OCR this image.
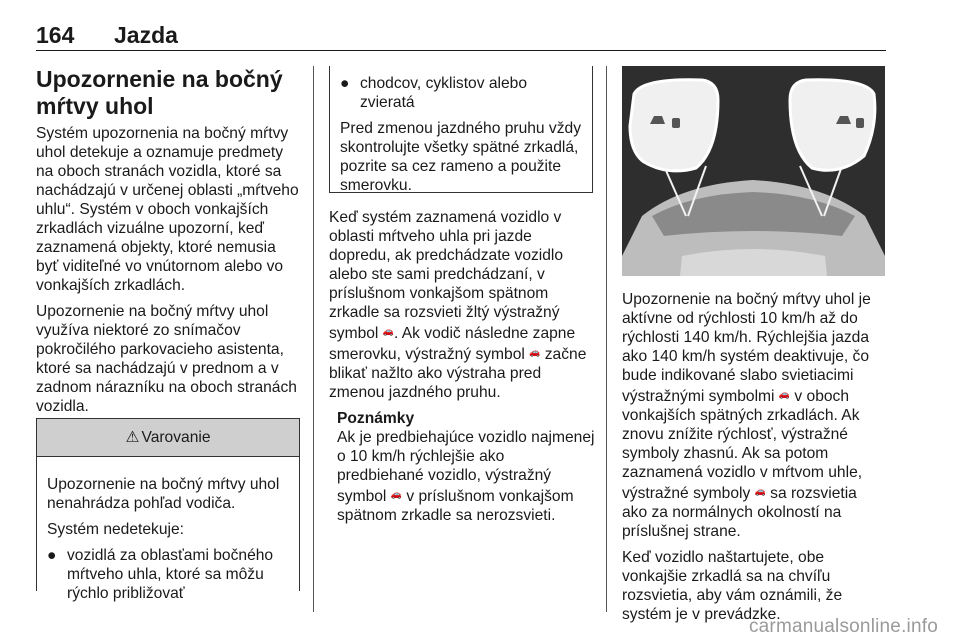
164 Jazda
Upozornenie na bočný
mŕtvy uhol

Systém upozornenia na bočný mŕtvy uhol detekuje a oznamuje predmety na oboch stranách vozidla, ktoré sa nachádzajú v určenej oblasti „mŕtveho uhlu“. Systém v oboch vonkajších zrkadlách vizuálne upozorní, keď zaznamená objekty, ktoré nemusia byť viditeľné vo vnútornom alebo vo vonkajších zrkadlách.

Upozornenie na bočný mŕtvy uhol využíva niektoré zo snímačov pokročilého parkovacieho asistenta, ktoré sa nachádzajú v prednom a v zadnom nárazníku na oboch stranách vozidla.

⚠ Varovanie

Upozornenie na bočný mŕtvy uhol nenahrádza pohľad vodiča.

Systém nedetekuje:

● vozidlá za oblasťami bočného mŕtveho uhla, ktoré sa môžu rýchlo približovať
● chodcov, cyklistov alebo zvieratá

Pred zmenou jazdného pruhu vždy skontrolujte všetky spätné zrkadlá, pozrite sa cez rameno a použite smerovku.

Keď systém zaznamená vozidlo v oblasti mŕtveho uhla pri jazde dopredu, ak predchádzate vozidlo alebo ste sami predchádzaní, v príslušnom vonkajšom spätnom zrkadle sa rozsvieti žltý výstražný symbol 🚗. Ak vodič následne zapne smerovku, výstražný symbol 🚗 začne blikať nažlto ako výstraha pred zmenou jazdného pruhu.

Poznámky
Ak je predbiehajúce vozidlo najmenej o 10 km/h rýchlejšie ako predbiehané vozidlo, výstražný symbol 🚗 v príslušnom vonkajšom spätnom zrkadle sa nerozsvieti.

Upozornenie na bočný mŕtvy uhol je aktívne od rýchlosti 10 km/h až do rýchlosti 140 km/h. Rýchlejšia jazda ako 140 km/h systém deaktivuje, čo bude indikované slabo svietiacimi výstražnými symbolmi 🚗 v oboch vonkajších spätných zrkadlách. Ak znovu znížite rýchlosť, výstražné symboly zhasnú. Ak sa potom zaznamená vozidlo v mŕtvom uhle, výstražné symboly 🚗 sa rozsvietia ako za normálnych okolností na príslušnej strane.

Keď vozidlo naštartujete, obe vonkajšie zrkadlá sa na chvíľu rozsvietia, aby vám oznámili, že systém je v prevádzke.

carmanualsonline.info
